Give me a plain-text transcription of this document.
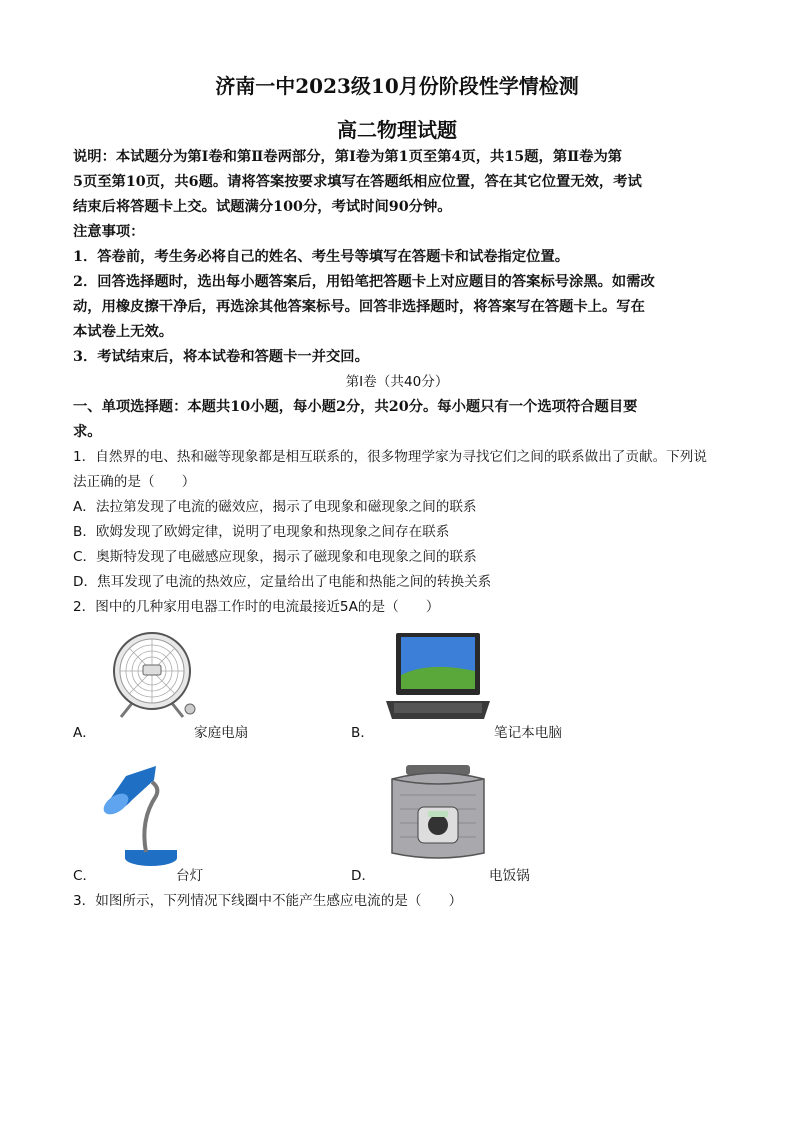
济南一中2023级10月份阶段性学情检测
高二物理试题
说明：本试题分为第Ⅰ卷和第Ⅱ卷两部分，第Ⅰ卷为第1页至第4页，共15题，第Ⅱ卷为第
5页至第10页，共6题。请将答案按要求填写在答题纸相应位置，答在其它位置无效，考试
结束后将答题卡上交。试题满分100分，考试时间90分钟。
注意事项：
1．答卷前，考生务必将自己的姓名、考生号等填写在答题卡和试卷指定位置。
2．回答选择题时，选出每小题答案后，用铅笔把答题卡上对应题目的答案标号涂黑。如需改
动，用橡皮擦干净后，再选涂其他答案标号。回答非选择题时，将答案写在答题卡上。写在
本试卷上无效。
3．考试结束后，将本试卷和答题卡一并交回。
第Ⅰ卷（共40分）
一、单项选择题：本题共10小题，每小题2分，共20分。每小题只有一个选项符合题目要
求。
1．自然界的电、热和磁等现象都是相互联系的，很多物理学家为寻找它们之间的联系做出了贡献。下列说
法正确的是（　　）
A．法拉第发现了电流的磁效应，揭示了电现象和磁现象之间的联系
B．欧姆发现了欧姆定律，说明了电现象和热现象之间存在联系
C．奥斯特发现了电磁感应现象，揭示了磁现象和电现象之间的联系
D．焦耳发现了电流的热效应，定量给出了电能和热能之间的转换关系
2．图中的几种家用电器工作时的电流最接近5A的是（　　）
A．	家庭电扇	B．	笔记本电脑
C．	台灯	D．	电饭锅
3．如图所示，下列情况下线圈中不能产生感应电流的是（　　）
